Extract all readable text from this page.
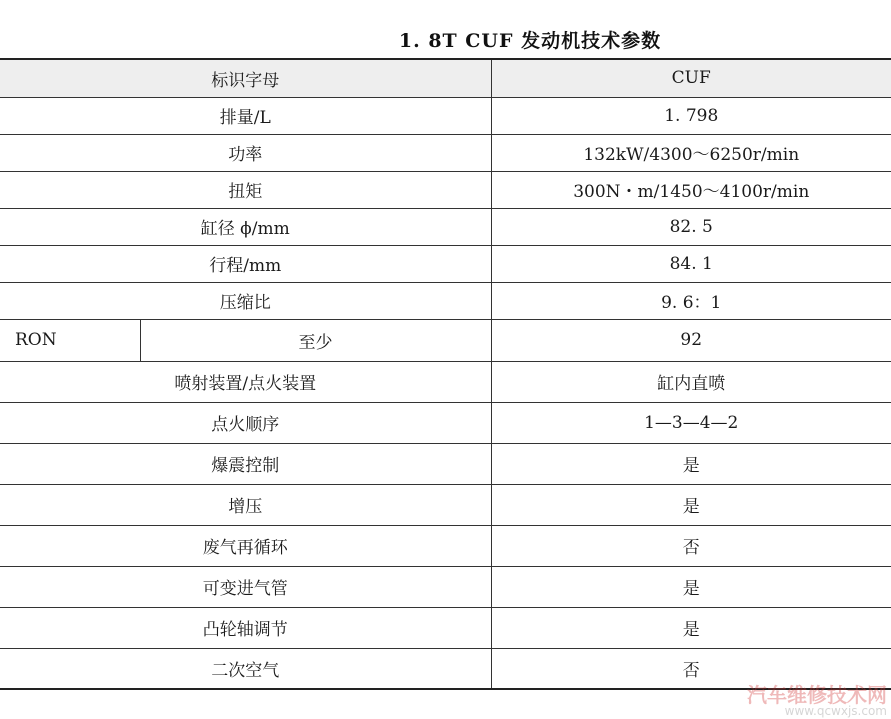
1. 8T CUF 发动机技术参数
标识字母		CUF
排量/L		1. 798
功率		132kW/4300～6250r/min
扭矩		300N・m/1450～4100r/min
缸径 ϕ/mm		82. 5
行程/mm		84. 1
压缩比		9. 6：1
RON	至少	92
喷射装置/点火装置		缸内直喷
点火顺序		1—3—4—2
爆震控制		是
增压		是
废气再循环		否
可变进气管		是
凸轮轴调节		是
二次空气		否
汽车维修技术网
www.qcwxjs.com
